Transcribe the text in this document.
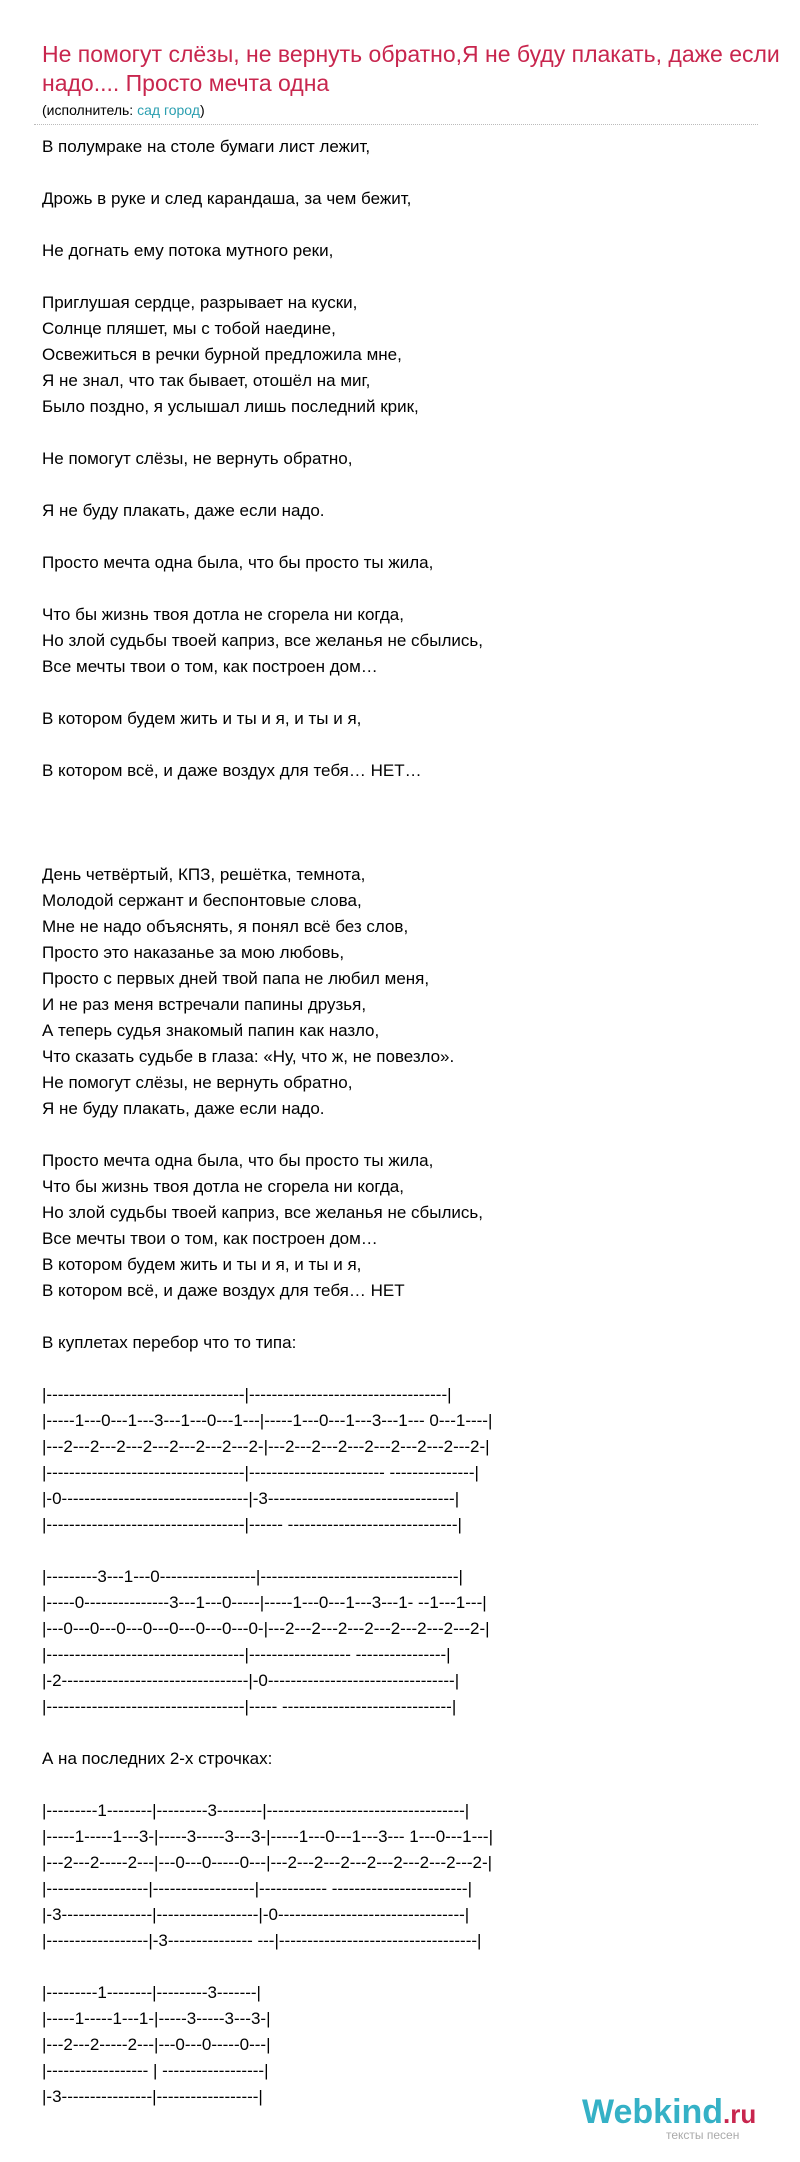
Не помогут слёзы, не вернуть обратно,Я не буду плакать, даже если надо.... Просто мечта одна
(исполнитель: сад город)
В полумраке на столе бумаги лист лежит,

Дрожь в руке и след карандаша, за чем бежит,

Не догнать ему потока мутного реки,

Приглушая сердце, разрывает на куски,
Солнце пляшет, мы с тобой наедине,
Освежиться в речки бурной предложила мне,
Я не знал, что так бывает, отошёл на миг,
Было поздно, я услышал лишь последний крик,

Не помогут слёзы, не вернуть обратно,

Я не буду плакать, даже если надо.

Просто мечта одна была, что бы просто ты жила,

Что бы жизнь твоя дотла не сгорела ни когда,
Но злой судьбы твоей каприз, все желанья не сбылись,
Все мечты твои о том, как построен дом…

В котором будем жить и ты и я, и ты и я,

В котором всё, и даже воздух для тебя… НЕТ…

День четвёртый, КПЗ, решётка, темнота,
Молодой сержант и беспонтовые слова,
Мне не надо объяснять, я понял всё без слов,
Просто это наказанье за мою любовь,
Просто с первых дней твой папа не любил меня,
И не раз меня встречали папины друзья,
А теперь судья знакомый папин как назло,
Что сказать судьбе в глаза: «Ну, что ж, не повезло».
Не помогут слёзы, не вернуть обратно,
Я не буду плакать, даже если надо.

Просто мечта одна была, что бы просто ты жила,
Что бы жизнь твоя дотла не сгорела ни когда,
Но злой судьбы твоей каприз, все желанья не сбылись,
Все мечты твои о том, как построен дом…
В котором будем жить и ты и я, и ты и я,
В котором всё, и даже воздух для тебя… НЕТ

В куплетах перебор что то типа:

|-----------------------------------|-----------------------------------|
|-----1---0---1---3---1---0---1---|-----1---0---1---3---1--- 0---1----|
|---2---2---2---2---2---2---2---2-|---2---2---2---2---2---2---2---2-|
|-----------------------------------|------------------------ ---------------|
|-0---------------------------------|-3---------------------------------|
|-----------------------------------|------ ------------------------------|

|---------3---1---0-----------------|-----------------------------------|
|-----0---------------3---1---0-----|-----1---0---1---3---1- --1---1---|
|---0---0---0---0---0---0---0---0-|---2---2---2---2---2---2---2---2-|
|-----------------------------------|------------------ ----------------|
|-2---------------------------------|-0---------------------------------|
|-----------------------------------|----- ------------------------------|

А на последних 2-х строчках:

|---------1--------|---------3--------|-----------------------------------|
|-----1-----1---3-|-----3-----3---3-|-----1---0---1---3--- 1---0---1---|
|---2---2-----2---|---0---0-----0---|---2---2---2---2---2---2---2---2-|
|------------------|------------------|------------ ------------------------|
|-3----------------|------------------|-0---------------------------------|
|------------------|-3--------------- ---|-----------------------------------|

|---------1--------|---------3-------|
|-----1-----1---1-|-----3-----3---3-|
|---2---2-----2---|---0---0-----0---|
|------------------ | ------------------|
|-3----------------|------------------|	Webkind.ru
тексты песен
